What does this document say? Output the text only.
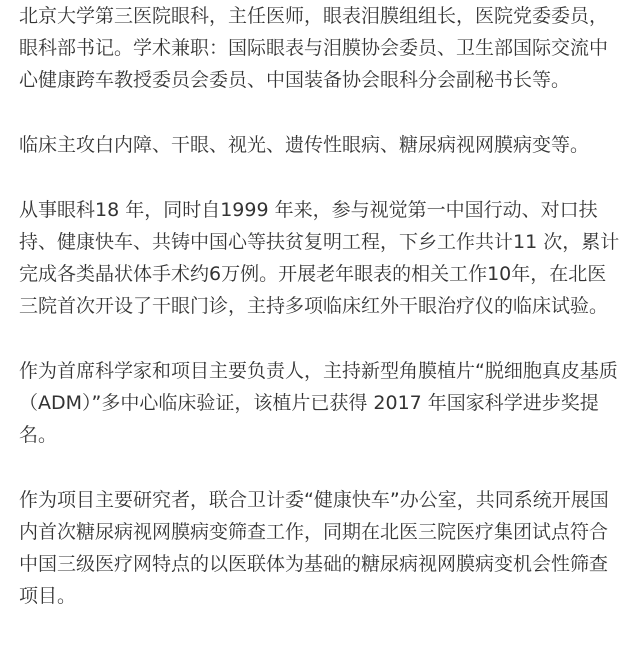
北京大学第三医院眼科，主任医师，眼表泪膜组组长，医院党委委员，眼科部书记。学术兼职：国际眼表与泪膜协会委员、卫生部国际交流中心健康跨车教授委员会委员、中国装备协会眼科分会副秘书长等。

临床主攻白内障、干眼、视光、遗传性眼病、糖尿病视网膜病变等。

从事眼科18 年，同时自1999 年来，参与视觉第一中国行动、对口扶持、健康快车、共铸中国心等扶贫复明工程，下乡工作共计11 次，累计完成各类晶状体手术约6万例。开展老年眼表的相关工作10年，在北医三院首次开设了干眼门诊，主持多项临床红外干眼治疗仪的临床试验。

作为首席科学家和项目主要负责人，主持新型角膜植片“脱细胞真皮基质（ADM）”多中心临床验证，该植片已获得 2017 年国家科学进步奖提名。

作为项目主要研究者，联合卫计委“健康快车”办公室，共同系统开展国内首次糖尿病视网膜病变筛查工作，同期在北医三院医疗集团试点符合中国三级医疗网特点的以医联体为基础的糖尿病视网膜病变机会性筛查项目。
